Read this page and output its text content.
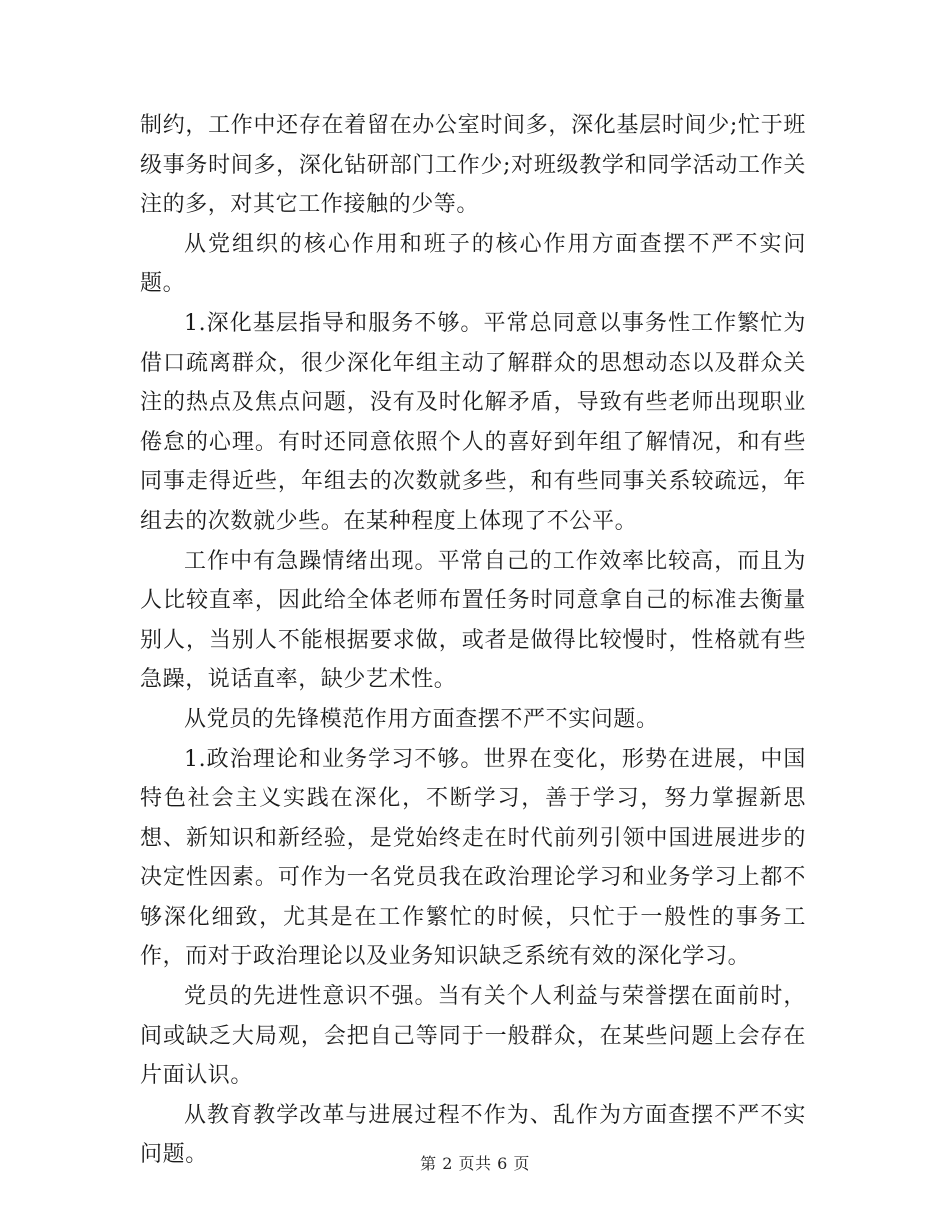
制约，工作中还存在着留在办公室时间多，深化基层时间少;忙于班级事务时间多，深化钻研部门工作少;对班级教学和同学活动工作关注的多，对其它工作接触的少等。

从党组织的核心作用和班子的核心作用方面查摆不严不实问题。

1.深化基层指导和服务不够。平常总同意以事务性工作繁忙为借口疏离群众，很少深化年组主动了解群众的思想动态以及群众关注的热点及焦点问题，没有及时化解矛盾，导致有些老师出现职业倦怠的心理。有时还同意依照个人的喜好到年组了解情况，和有些同事走得近些，年组去的次数就多些，和有些同事关系较疏远，年组去的次数就少些。在某种程度上体现了不公平。

工作中有急躁情绪出现。平常自己的工作效率比较高，而且为人比较直率，因此给全体老师布置任务时同意拿自己的标准去衡量别人，当别人不能根据要求做，或者是做得比较慢时，性格就有些急躁，说话直率，缺少艺术性。

从党员的先锋模范作用方面查摆不严不实问题。

1.政治理论和业务学习不够。世界在变化，形势在进展，中国特色社会主义实践在深化，不断学习，善于学习，努力掌握新思想、新知识和新经验，是党始终走在时代前列引领中国进展进步的决定性因素。可作为一名党员我在政治理论学习和业务学习上都不够深化细致，尤其是在工作繁忙的时候，只忙于一般性的事务工作，而对于政治理论以及业务知识缺乏系统有效的深化学习。

党员的先进性意识不强。当有关个人利益与荣誉摆在面前时，间或缺乏大局观，会把自己等同于一般群众，在某些问题上会存在片面认识。

从教育教学改革与进展过程不作为、乱作为方面查摆不严不实问题。	第 2 页共 6 页
